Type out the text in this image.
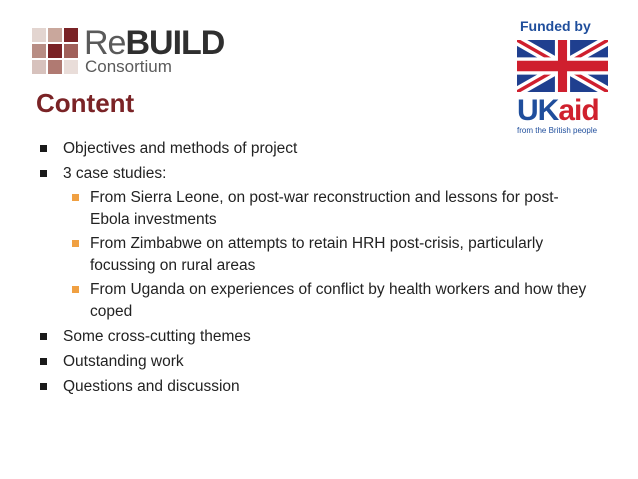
ReBUILD
Consortium
Funded by
UKaid
from the British people
Content
Objectives and methods of project
3 case studies:
From Sierra Leone, on post-war reconstruction and lessons for post-Ebola investments
From Zimbabwe on attempts to retain HRH post-crisis, particularly focussing on rural areas
From Uganda on experiences of conflict by health workers and how they coped
Some cross-cutting themes
Outstanding work
Questions and discussion
